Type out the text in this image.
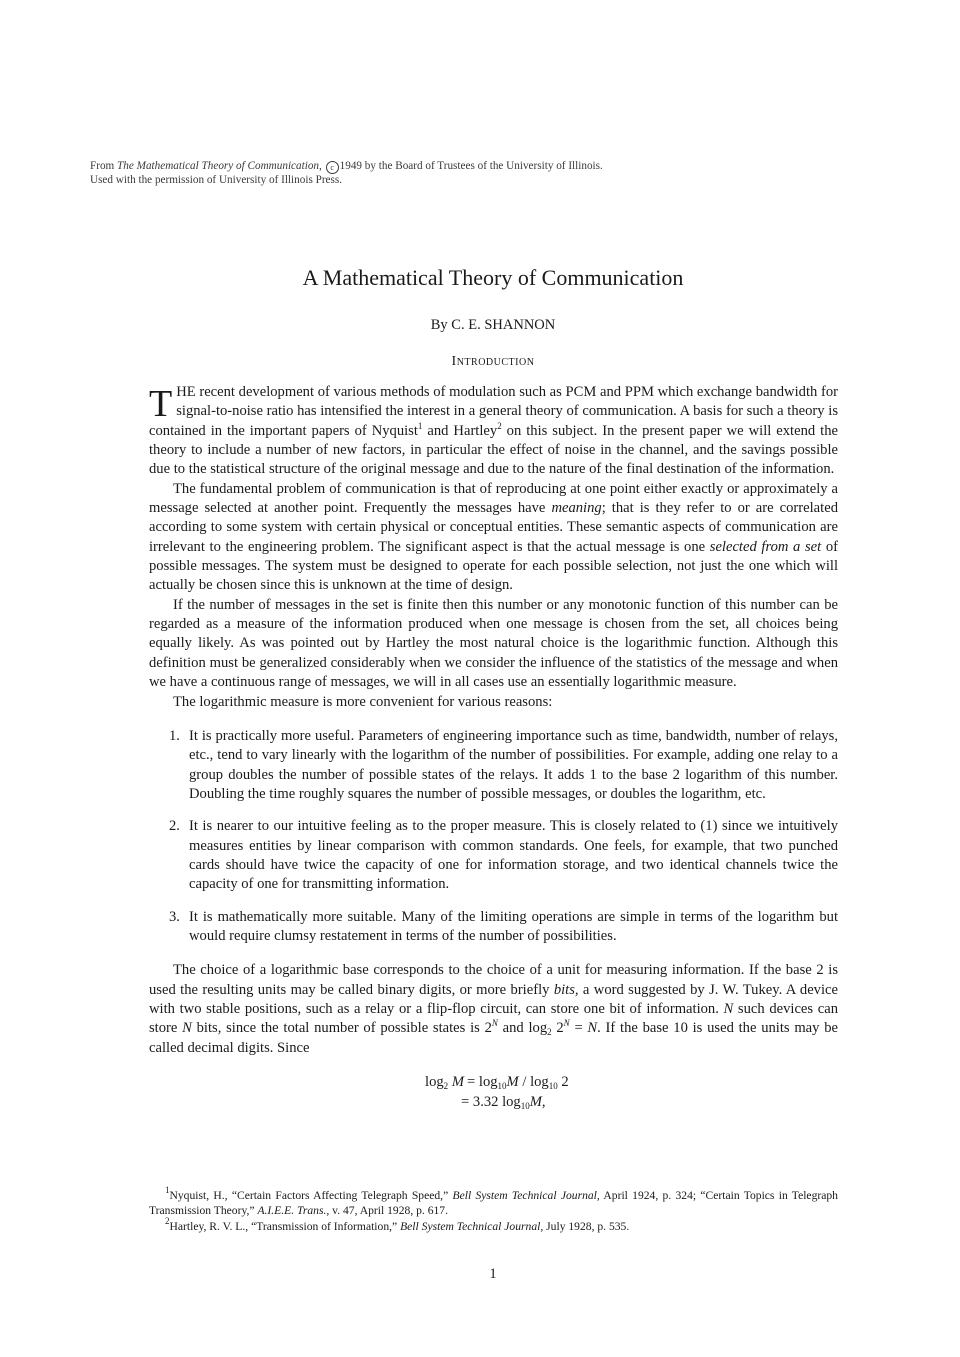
From The Mathematical Theory of Communication, c 1949 by the Board of Trustees of the University of Illinois.
Used with the permission of University of Illinois Press.
A Mathematical Theory of Communication
By C. E. SHANNON
Introduction

THE recent development of various methods of modulation such as PCM and PPM which exchange bandwidth for signal-to-noise ratio has intensified the interest in a general theory of communication. A basis for such a theory is contained in the important papers of Nyquist$^1$ and Hartley$^2$ on this subject. In the present paper we will extend the theory to include a number of new factors, in particular the effect of noise in the channel, and the savings possible due to the statistical structure of the original message and due to the nature of the final destination of the information.

The fundamental problem of communication is that of reproducing at one point either exactly or approximately a message selected at another point. Frequently the messages have meaning; that is they refer to or are correlated according to some system with certain physical or conceptual entities. These semantic aspects of communication are irrelevant to the engineering problem. The significant aspect is that the actual message is one selected from a set of possible messages. The system must be designed to operate for each possible selection, not just the one which will actually be chosen since this is unknown at the time of design.

If the number of messages in the set is finite then this number or any monotonic function of this number can be regarded as a measure of the information produced when one message is chosen from the set, all choices being equally likely. As was pointed out by Hartley the most natural choice is the logarithmic function. Although this definition must be generalized considerably when we consider the influence of the statistics of the message and when we have a continuous range of messages, we will in all cases use an essentially logarithmic measure.

The logarithmic measure is more convenient for various reasons:

1. It is practically more useful. Parameters of engineering importance such as time, bandwidth, number of relays, etc., tend to vary linearly with the logarithm of the number of possibilities. For example, adding one relay to a group doubles the number of possible states of the relays. It adds 1 to the base 2 logarithm of this number. Doubling the time roughly squares the number of possible messages, or doubles the logarithm, etc.
2. It is nearer to our intuitive feeling as to the proper measure. This is closely related to (1) since we intuitively measures entities by linear comparison with common standards. One feels, for example, that two punched cards should have twice the capacity of one for information storage, and two identical channels twice the capacity of one for transmitting information.
3. It is mathematically more suitable. Many of the limiting operations are simple in terms of the logarithm but would require clumsy restatement in terms of the number of possibilities.

The choice of a logarithmic base corresponds to the choice of a unit for measuring information. If the base 2 is used the resulting units may be called binary digits, or more briefly bits, a word suggested by J. W. Tukey. A device with two stable positions, such as a relay or a flip-flop circuit, can store one bit of information. N such devices can store N bits, since the total number of possible states is $2^N$ and $\log_2 2^N = N$. If the base 10 is used the units may be called decimal digits. Since

$\log_2 M = \log_{10}M / \log_{10} 2$
= 3.32 $\log_{10}M$,

$^1$Nyquist, H., “Certain Factors Affecting Telegraph Speed,” Bell System Technical Journal, April 1924, p. 324; “Certain Topics in Telegraph Transmission Theory,” A.I.E.E. Trans., v. 47, April 1928, p. 617.

$^2$Hartley, R. V. L., “Transmission of Information,” Bell System Technical Journal, July 1928, p. 535.

1
